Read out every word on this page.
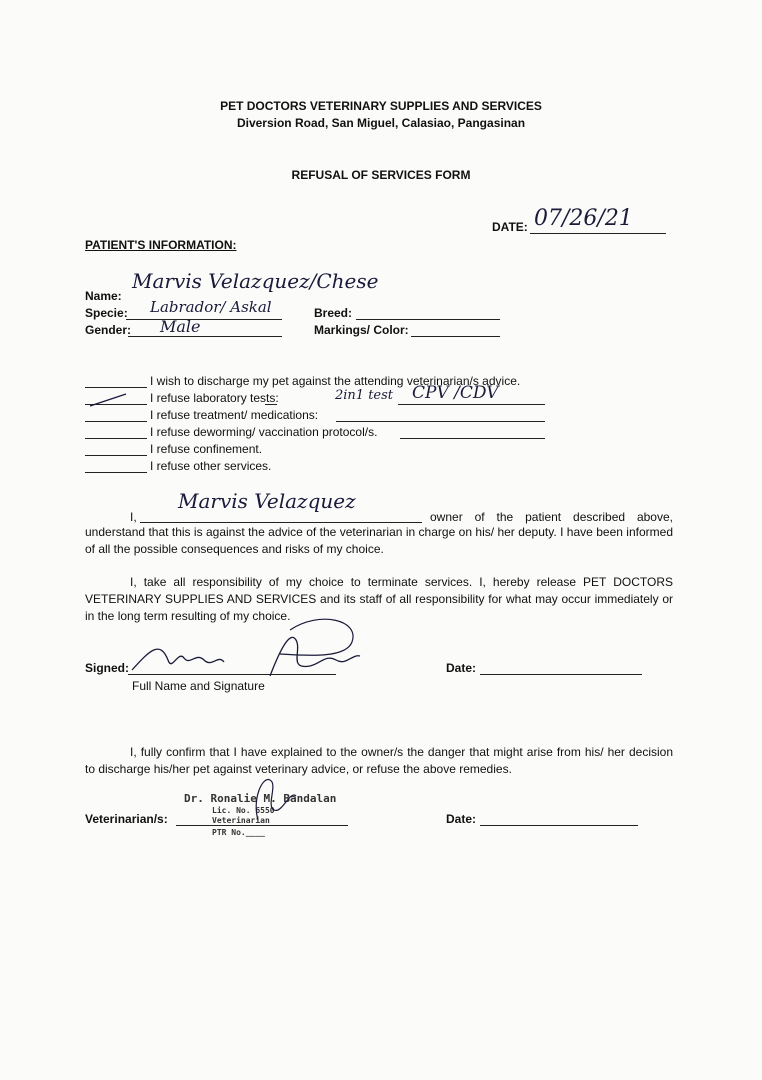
PET DOCTORS VETERINARY SUPPLIES AND SERVICES
Diversion Road, San Miguel, Calasiao, Pangasinan
REFUSAL OF SERVICES FORM
DATE: 07/26/21
PATIENT'S INFORMATION:
Name:
Marvis Velazquez/Chese
Specie: Labrador/ Askal	Breed:
Gender: Male	Markings/ Color:
I wish to discharge my pet against the attending veterinarian/s advice.
I refuse laboratory tests:	2in1 test CPV /CDV
I refuse treatment/ medications:
I refuse deworming/ vaccination protocol/s.
I refuse confinement.
I refuse other services.
I,
Marvis Velazquez
owner of the patient described above,
understand that this is against the advice of the veterinarian in charge on his/ her deputy. I have been informed of all the possible consequences and risks of my choice.
I, take all responsibility of my choice to terminate services. I, hereby release PET DOCTORS VETERINARY SUPPLIES AND SERVICES and its staff of all responsibility for what may occur immediately or in the long term resulting of my choice.
Signed:
Full Name and Signature
Date:
I, fully confirm that I have explained to the owner/s the danger that might arise from his/ her decision to discharge his/her pet against veterinary advice, or refuse the above remedies.
Dr. Ronalie M. Bandalan
Lic. No. 6550
Veterinarian
PTR No.____
Veterinarian/s:	Date:
